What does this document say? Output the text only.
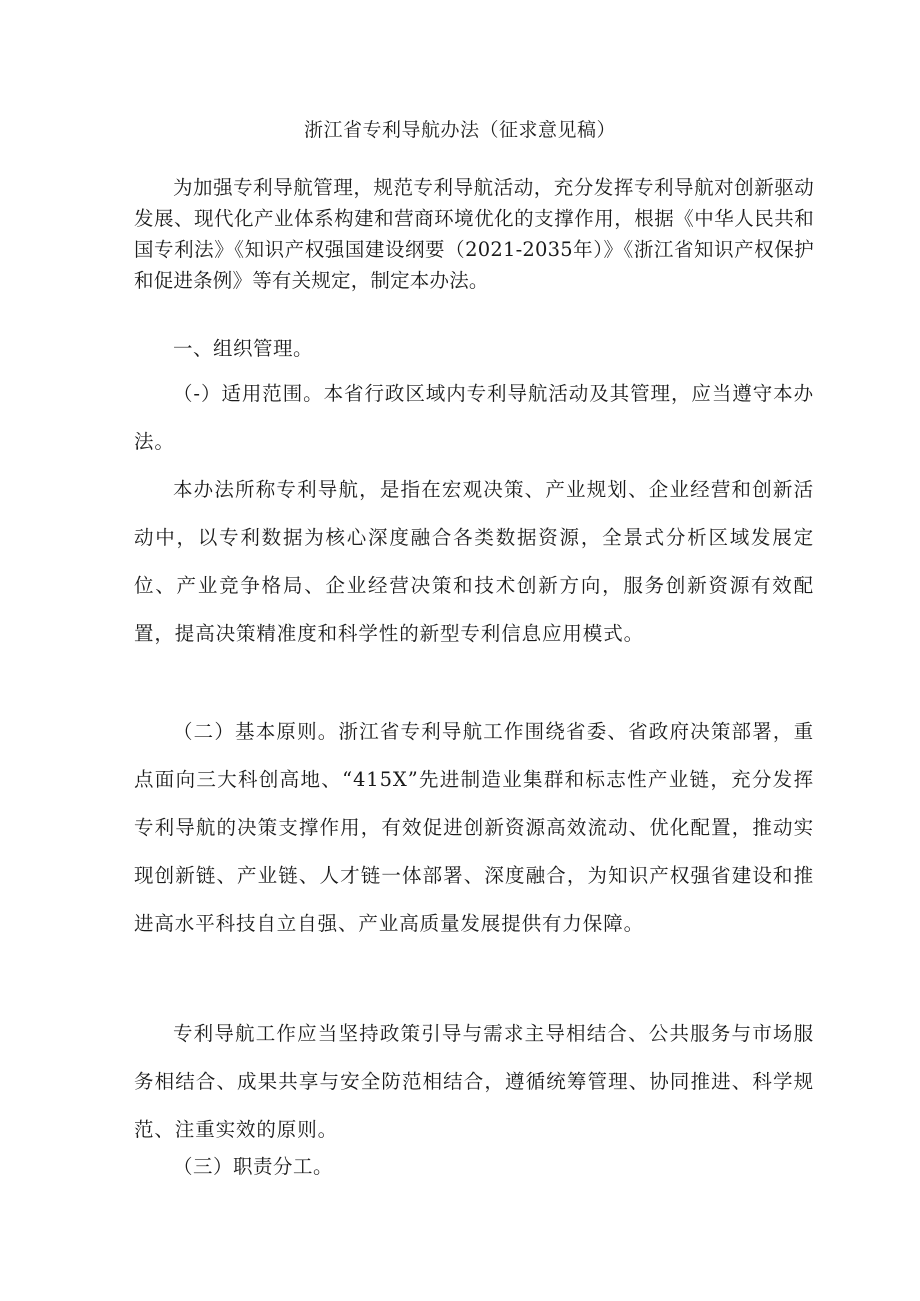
浙江省专利导航办法（征求意见稿）

为加强专利导航管理，规范专利导航活动，充分发挥专利导航对创新驱动发展、现代化产业体系构建和营商环境优化的支撑作用，根据《中华人民共和国专利法》《知识产权强国建设纲要（2021-2035年）》《浙江省知识产权保护和促进条例》等有关规定，制定本办法。

一、组织管理。

（-）适用范围。本省行政区域内专利导航活动及其管理，应当遵守本办法。

本办法所称专利导航，是指在宏观决策、产业规划、企业经营和创新活动中，以专利数据为核心深度融合各类数据资源，全景式分析区域发展定位、产业竞争格局、企业经营决策和技术创新方向，服务创新资源有效配置，提高决策精准度和科学性的新型专利信息应用模式。

（二）基本原则。浙江省专利导航工作围绕省委、省政府决策部署，重点面向三大科创高地、“415X”先进制造业集群和标志性产业链，充分发挥专利导航的决策支撑作用，有效促进创新资源高效流动、优化配置，推动实现创新链、产业链、人才链一体部署、深度融合，为知识产权强省建设和推进高水平科技自立自强、产业高质量发展提供有力保障。

专利导航工作应当坚持政策引导与需求主导相结合、公共服务与市场服务相结合、成果共享与安全防范相结合，遵循统筹管理、协同推进、科学规范、注重实效的原则。

（三）职责分工。
